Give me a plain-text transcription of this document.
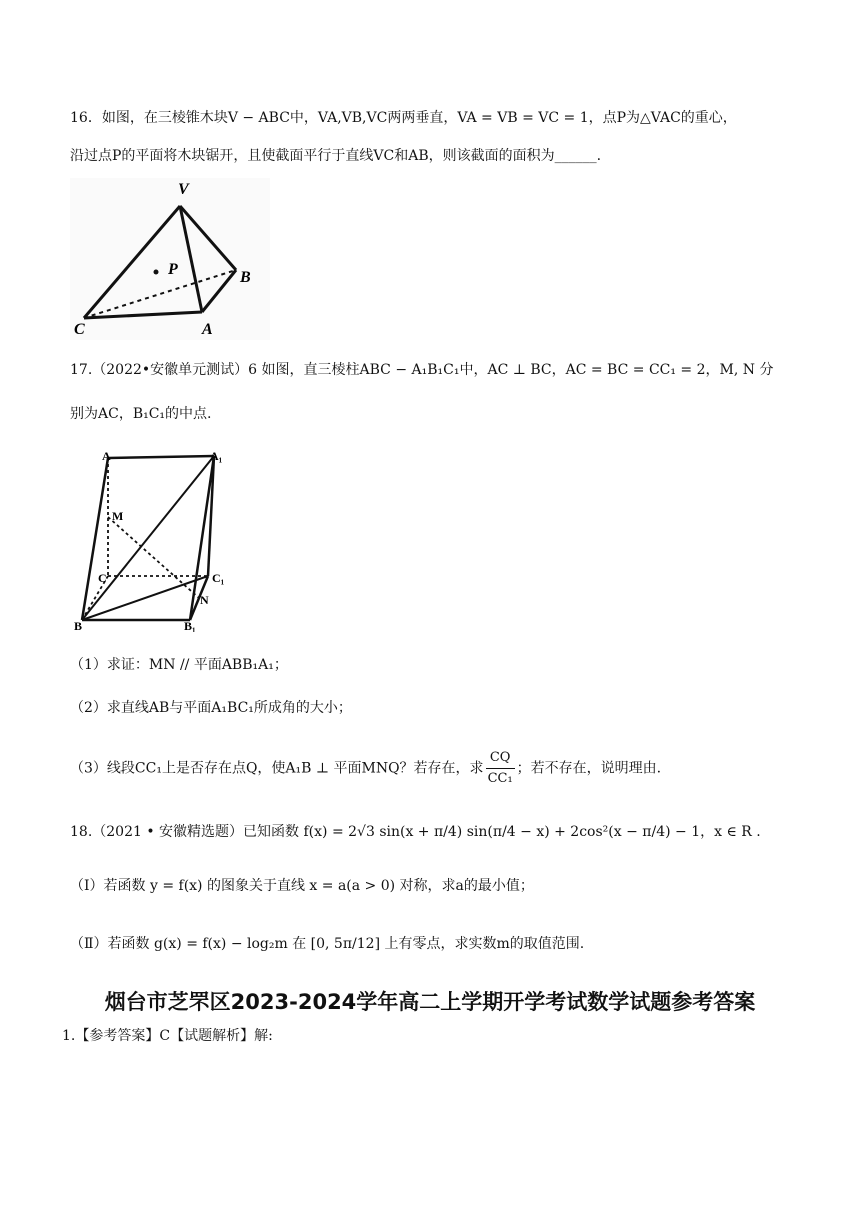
16．如图，在三棱锥木块V − ABC中，VA,VB,VC两两垂直，VA = VB = VC = 1，点P为△VAC的重心，
沿过点P的平面将木块锯开，且使截面平行于直线VC和AB，则该截面的面积为______.
V
P	B
C	A
17.（2022•安徽单元测试）6 如图，直三棱柱ABC − A₁B₁C₁中，AC ⊥ BC，AC = BC = CC₁ = 2，M, N 分
别为AC，B₁C₁的中点.
A	A₁
M
C	C₁
N
B	B₁
（1）求证：MN // 平面ABB₁A₁；
（2）求直线AB与平面A₁BC₁所成角的大小；
（3）线段CC₁上是否存在点Q，使A₁B ⊥ 平面MNQ？若存在，求 $\frac{CQ}{\text{CC₁}}$ ；若不存在，说明理由.
18.（2021 • 安徽精选题）已知函数 f(x) = 2√3 sin(x + π/4) sin(π/4 − x) + 2cos²(x − π/4) − 1，x ∈ R .
（Ⅰ）若函数 y = f(x) 的图象关于直线 x = a(a > 0) 对称，求a的最小值；
（Ⅱ）若函数 g(x) = f(x) − log₂m 在 [0, 5π/12] 上有零点，求实数m的取值范围.
烟台市芝罘区2023-2024学年高二上学期开学考试数学试题参考答案
1.【参考答案】C【试题解析】解:
